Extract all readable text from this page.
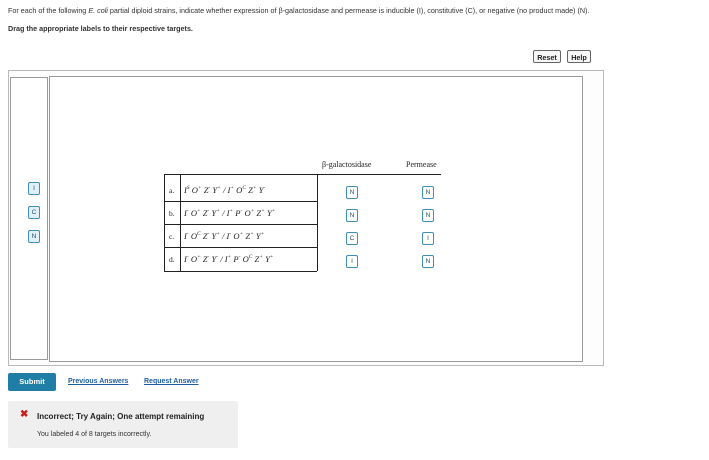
For each of the following E. coli partial diploid strains, indicate whether expression of β-galactosidase and permease is inducible (I), constitutive (C), or negative (no product made) (N).
Drag the appropriate labels to their respective targets.
Reset	Help
I
C
N
β-galactosidase	Permease
a. $I^S$ O+ Z- Y+ / I+ $O^C$ Z+ Y-
N	N
b. I- O+ Z- Y+ / I+ P- O+ Z+ Y+
N	N
c. I- $O^C$ Z- Y+ / I- O+ Z+ Y+
C	I
d. I- O+ Z- Y- / I+ P- $O^C$ Z+ Y+
I	N
Submit	Previous Answers Request Answer
✖ Incorrect; Try Again; One attempt remaining
You labeled 4 of 8 targets incorrectly.
